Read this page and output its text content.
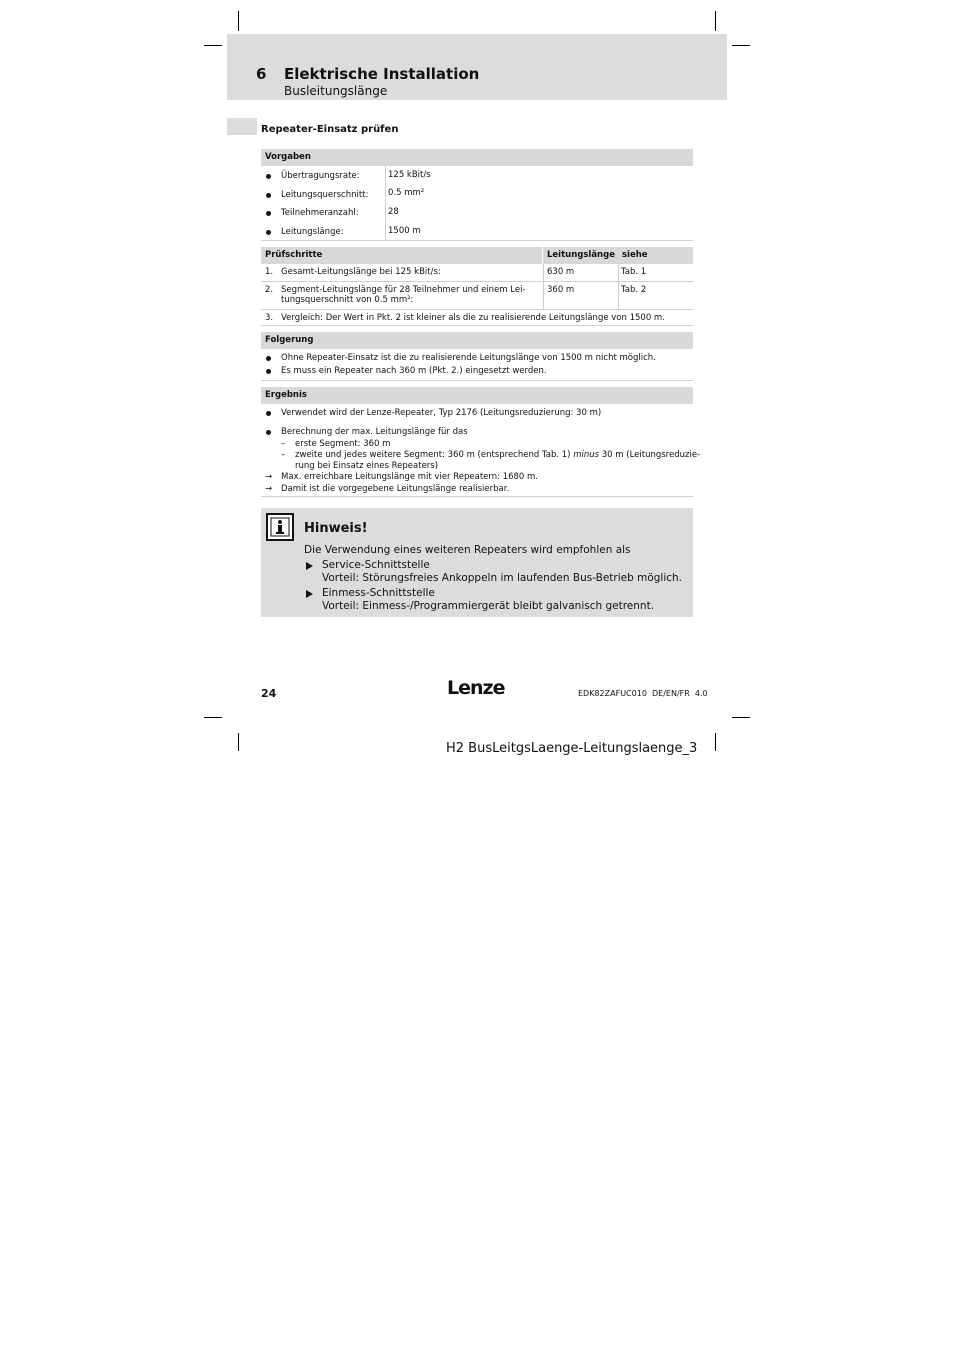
6 Elektrische Installation
Busleitungslänge
Repeater-Einsatz prüfen
Vorgaben
Übertragungsrate:	125 kBit/s
Leitungsquerschnitt: 0.5 mm²
Teilnehmeranzahl:	28
Leitungslänge:	1500 m
Prüfschritte	Leitungslänge siehe
1. Gesamt-Leitungslänge bei 125 kBit/s:	630 m	Tab. 1
2. Segment-Leitungslänge für 28 Teilnehmer und einem Lei-
tungsquerschnitt von 0.5 mm²:
360 m	Tab. 2
3. Vergleich: Der Wert in Pkt. 2 ist kleiner als die zu realisierende Leitungslänge von 1500 m.
Folgerung
Ohne Repeater-Einsatz ist die zu realisierende Leitungslänge von 1500 m nicht möglich.
Es muss ein Repeater nach 360 m (Pkt. 2.) eingesetzt werden.
Ergebnis
Verwendet wird der Lenze-Repeater, Typ 2176 (Leitungsreduzierung: 30 m)
Berechnung der max. Leitungslänge für das
– erste Segment: 360 m
– zweite und jedes weitere Segment: 360 m (entsprechend Tab. 1) minus 30 m (Leitungsreduzie-
rung bei Einsatz eines Repeaters)
→ Max. erreichbare Leitungslänge mit vier Repeatern: 1680 m.
→ Damit ist die vorgegebene Leitungslänge realisierbar.
Hinweis!
Die Verwendung eines weiteren Repeaters wird empfohlen als
Service-Schnittstelle
Vorteil: Störungsfreies Ankoppeln im laufenden Bus-Betrieb möglich.
Einmess-Schnittstelle
Vorteil: Einmess-/Programmiergerät bleibt galvanisch getrennt.
24	Lenze	EDK82ZAFUC010  DE/EN/FR  4.0
H2 BusLeitgsLaenge-Leitungslaenge_3
